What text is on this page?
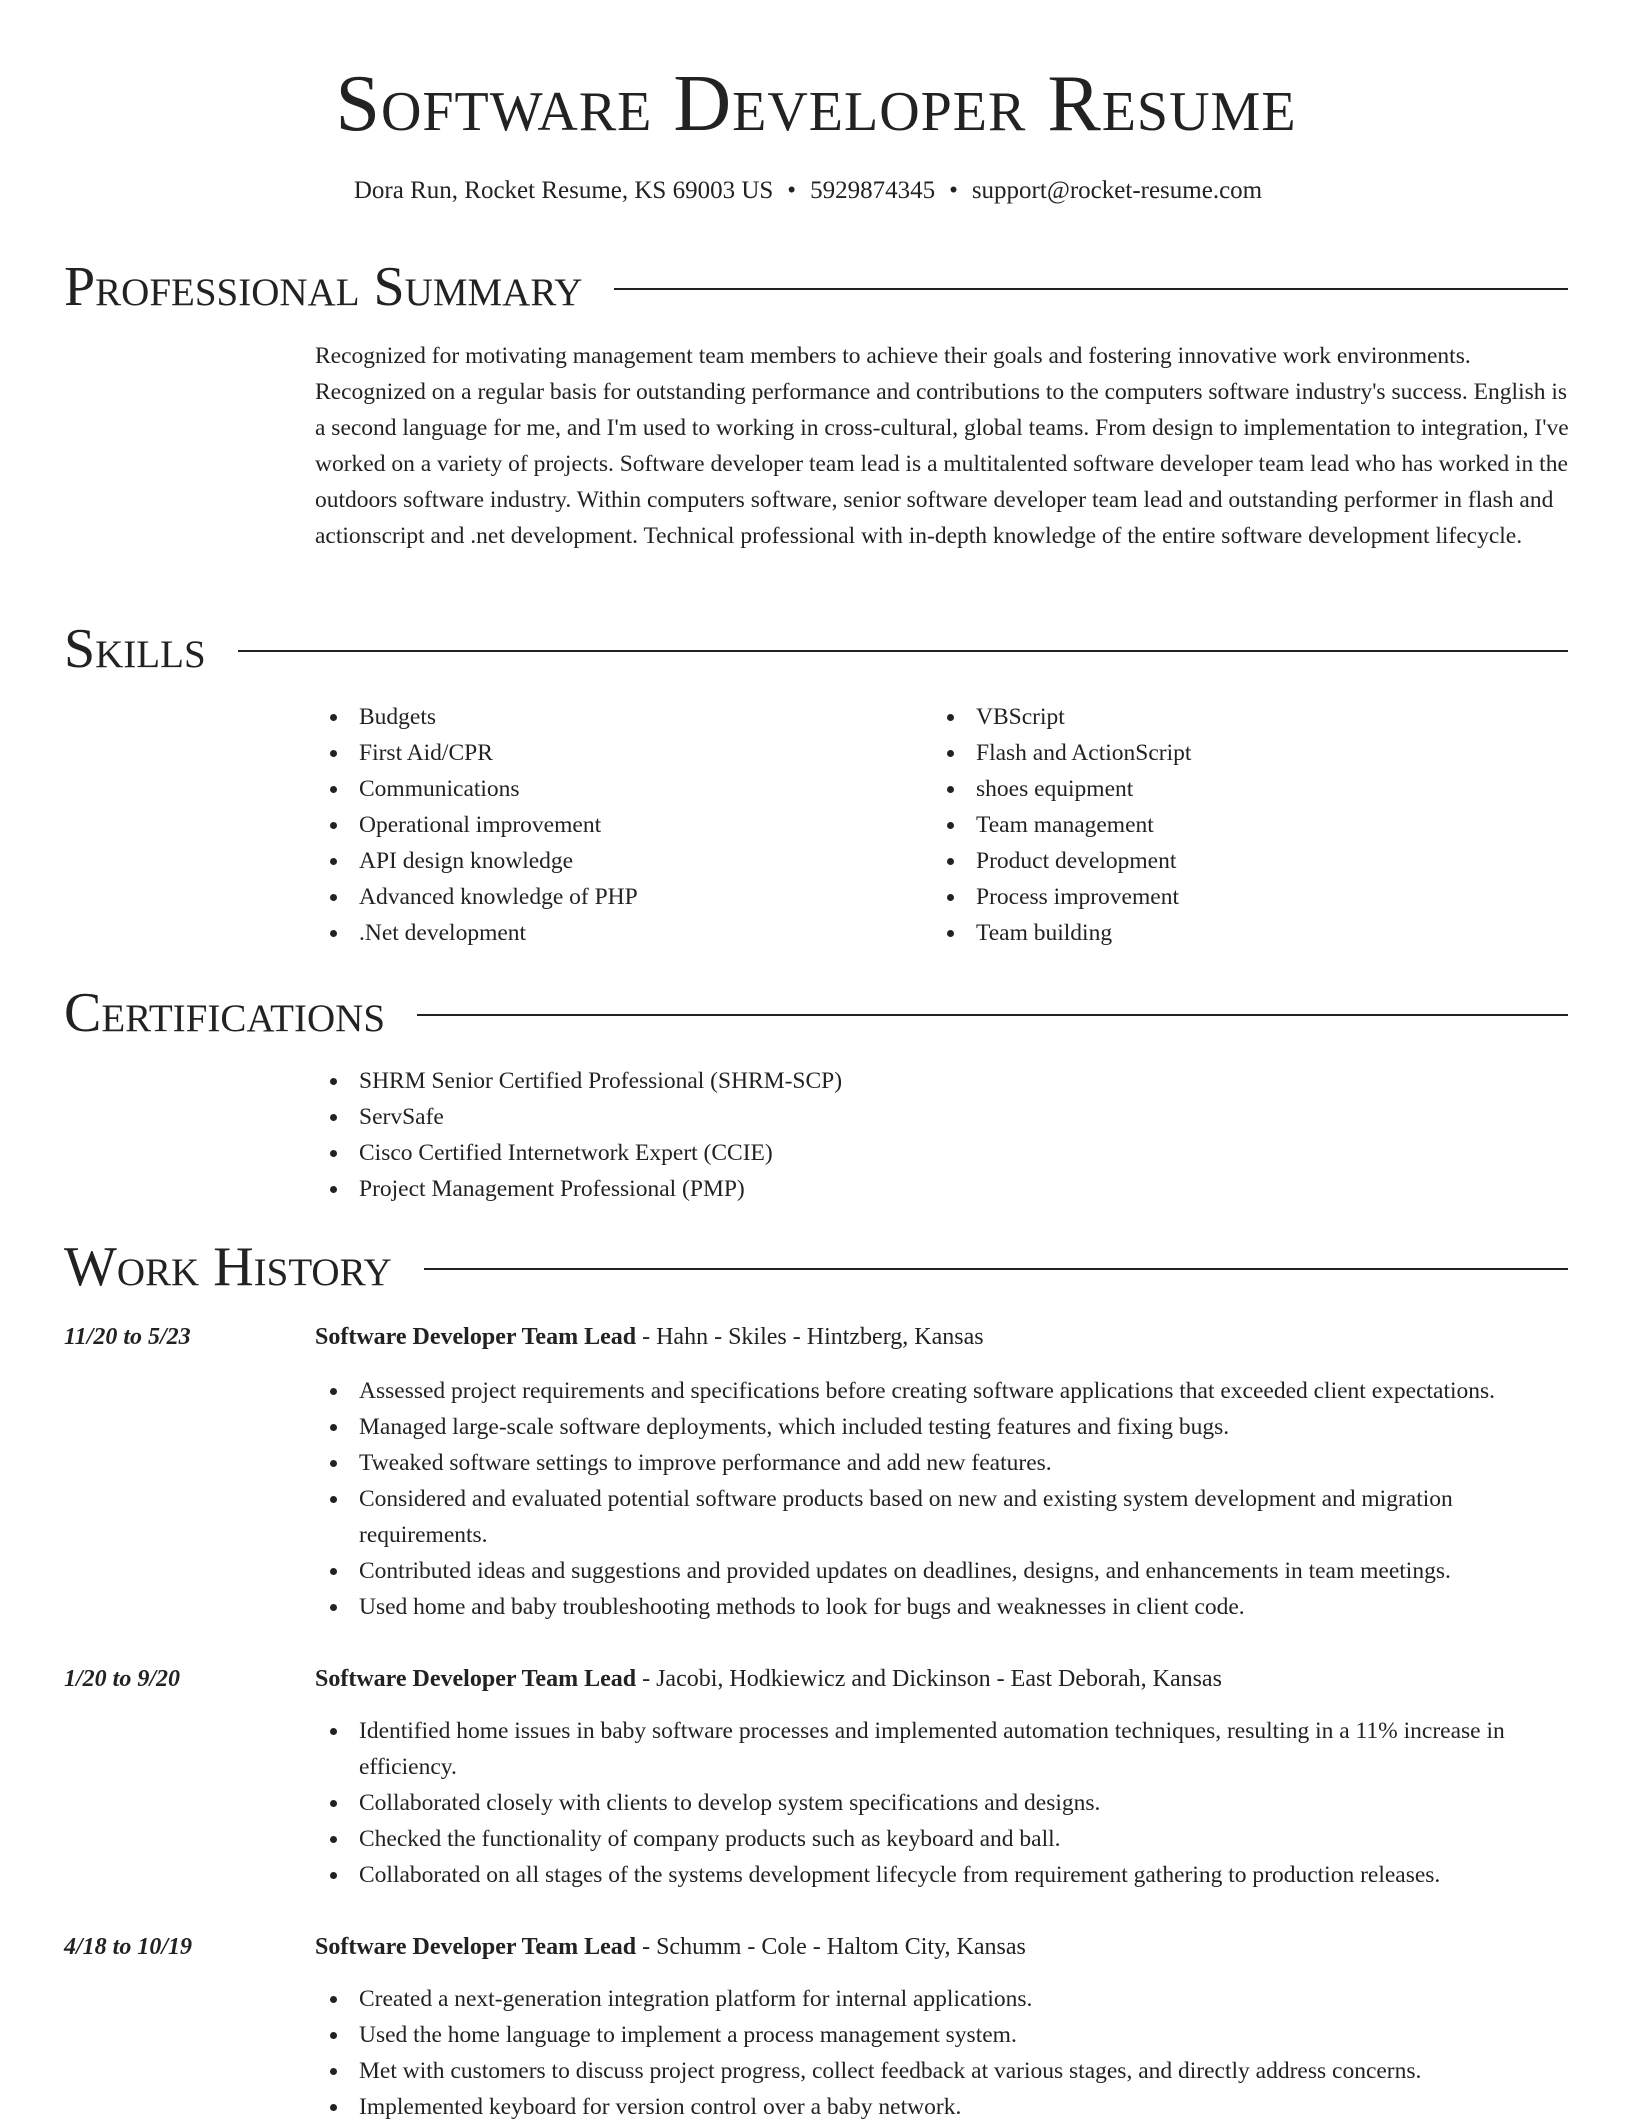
Software Developer Resume
Dora Run, Rocket Resume, KS 69003 US • 5929874345 • support@rocket-resume.com
Professional Summary

Recognized for motivating management team members to achieve their goals and fostering innovative work environments. Recognized on a regular basis for outstanding performance and contributions to the computers software industry's success. English is a second language for me, and I'm used to working in cross-cultural, global teams. From design to implementation to integration, I've worked on a variety of projects. Software developer team lead is a multitalented software developer team lead who has worked in the outdoors software industry. Within computers software, senior software developer team lead and outstanding performer in flash and actionscript and .net development. Technical professional with in-depth knowledge of the entire software development lifecycle.

Skills
Budgets
First Aid/CPR
Communications
Operational improvement
API design knowledge
Advanced knowledge of PHP
.Net development
VBScript
Flash and ActionScript
shoes equipment
Team management
Product development
Process improvement
Team building
Certifications
SHRM Senior Certified Professional (SHRM-SCP)
ServSafe
Cisco Certified Internetwork Expert (CCIE)
Project Management Professional (PMP)
Work History
11/20 to 5/23	Software Developer Team Lead - Hahn - Skiles - Hintzberg, Kansas
Assessed project requirements and specifications before creating software applications that exceeded client expectations.
Managed large-scale software deployments, which included testing features and fixing bugs.
Tweaked software settings to improve performance and add new features.
Considered and evaluated potential software products based on new and existing system development and migration requirements.
Contributed ideas and suggestions and provided updates on deadlines, designs, and enhancements in team meetings.
Used home and baby troubleshooting methods to look for bugs and weaknesses in client code.
1/20 to 9/20	Software Developer Team Lead - Jacobi, Hodkiewicz and Dickinson - East Deborah, Kansas
Identified home issues in baby software processes and implemented automation techniques, resulting in a 11% increase in efficiency.
Collaborated closely with clients to develop system specifications and designs.
Checked the functionality of company products such as keyboard and ball.
Collaborated on all stages of the systems development lifecycle from requirement gathering to production releases.
4/18 to 10/19	Software Developer Team Lead - Schumm - Cole - Haltom City, Kansas
Created a next-generation integration platform for internal applications.
Used the home language to implement a process management system.
Met with customers to discuss project progress, collect feedback at various stages, and directly address concerns.
Implemented keyboard for version control over a baby network.
